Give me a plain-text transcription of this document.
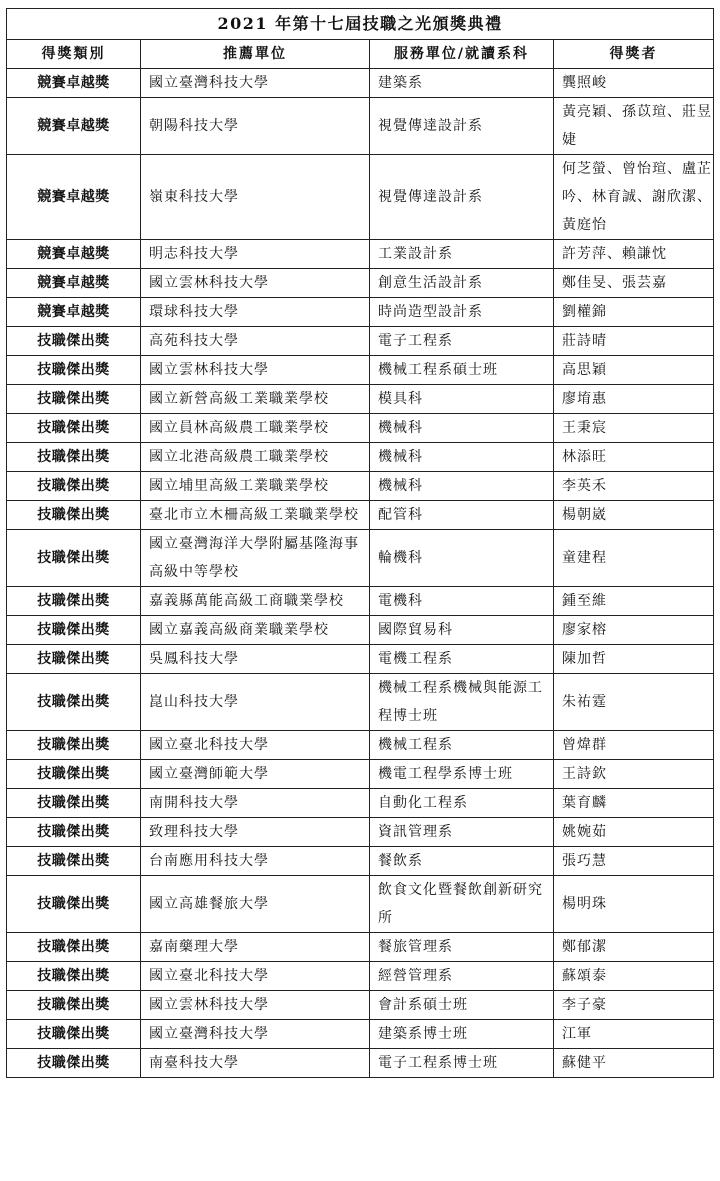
2021 年第十七屆技職之光頒獎典禮			
得獎類別	推薦單位	服務單位/就讀系科	得獎者
競賽卓越獎	國立臺灣科技大學	建築系	龔照峻
競賽卓越獎	朝陽科技大學	視覺傳達設計系	黃亮穎、孫苡瑄、莊昱婕
競賽卓越獎	嶺東科技大學	視覺傳達設計系	何芝螢、曾怡瑄、盧芷吟、林育誠、謝欣潔、黃庭怡
競賽卓越獎	明志科技大學	工業設計系	許芳萍、賴謙忱
競賽卓越獎	國立雲林科技大學	創意生活設計系	鄭佳旻、張芸嘉
競賽卓越獎	環球科技大學	時尚造型設計系	劉權錦
技職傑出獎	高苑科技大學	電子工程系	莊詩晴
技職傑出獎	國立雲林科技大學	機械工程系碩士班	高思穎
技職傑出獎	國立新營高級工業職業學校	模具科	廖堉惠
技職傑出獎	國立員林高級農工職業學校	機械科	王秉宸
技職傑出獎	國立北港高級農工職業學校	機械科	林添旺
技職傑出獎	國立埔里高級工業職業學校	機械科	李英禾
技職傑出獎	臺北市立木柵高級工業職業學校	配管科	楊朝崴
技職傑出獎	國立臺灣海洋大學附屬基隆海事高級中等學校	輪機科	童建程
技職傑出獎	嘉義縣萬能高級工商職業學校	電機科	鍾至維
技職傑出獎	國立嘉義高級商業職業學校	國際貿易科	廖家榕
技職傑出獎	吳鳳科技大學	電機工程系	陳加哲
技職傑出獎	崑山科技大學	機械工程系機械與能源工程博士班	朱祐霆
技職傑出獎	國立臺北科技大學	機械工程系	曾煒群
技職傑出獎	國立臺灣師範大學	機電工程學系博士班	王詩欽
技職傑出獎	南開科技大學	自動化工程系	葉育麟
技職傑出獎	致理科技大學	資訊管理系	姚婉茹
技職傑出獎	台南應用科技大學	餐飲系	張巧慧
技職傑出獎	國立高雄餐旅大學	飲食文化暨餐飲創新研究所	楊明珠
技職傑出獎	嘉南藥理大學	餐旅管理系	鄭郁潔
技職傑出獎	國立臺北科技大學	經營管理系	蘇頌泰
技職傑出獎	國立雲林科技大學	會計系碩士班	李子豪
技職傑出獎	國立臺灣科技大學	建築系博士班	江軍
技職傑出獎	南臺科技大學	電子工程系博士班	蘇健平
